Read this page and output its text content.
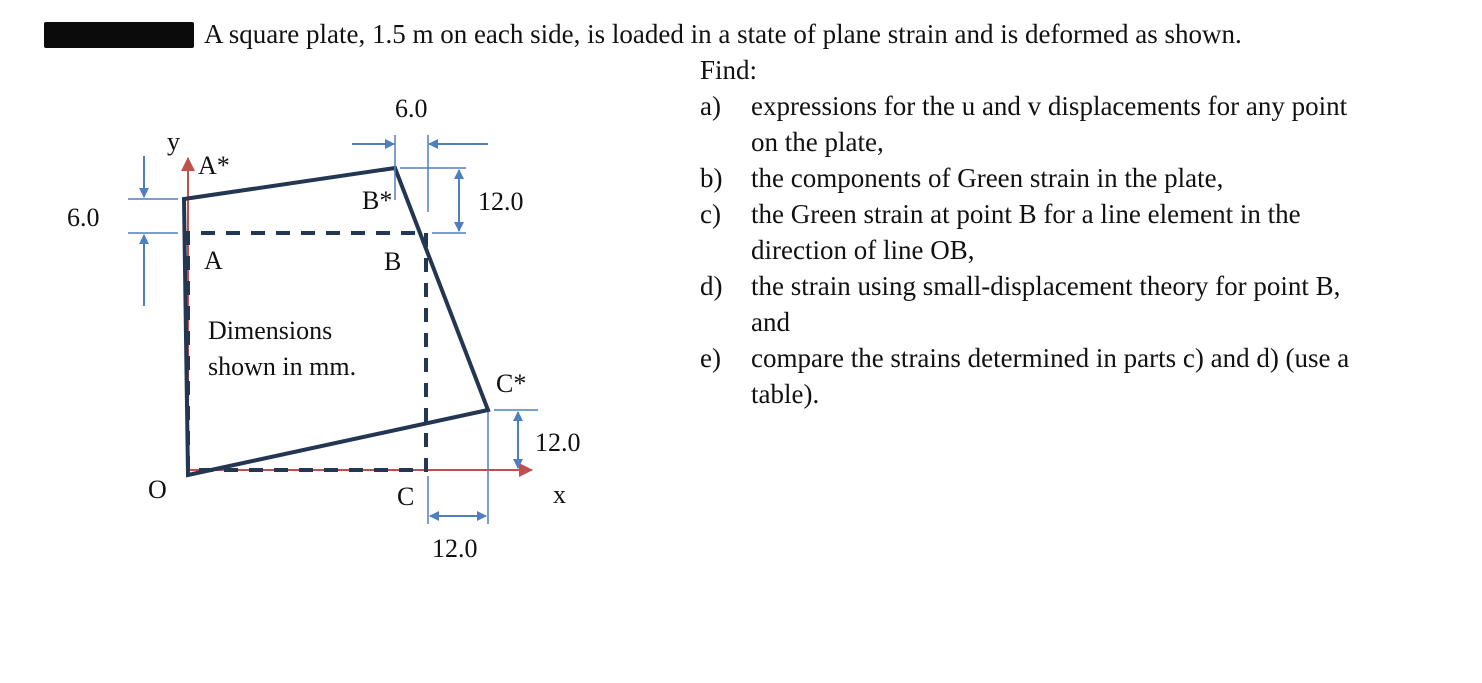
A square plate, 1.5 m on each side, is loaded in a state of plane strain and is deformed as shown.
Find:
a)	expressions for the u and v displacements for any point on the plate,
b)	the components of Green strain in the plate,
c)	the Green strain at point B for a line element in the direction of line OB,
d)	the strain using small-displacement theory for point B, and
e)	compare the strains determined in parts c) and d) (use a table).
y
x
O
A*
B*
A	B
C
C*
6.0
12.0
6.0
12.0
12.0
Dimensions
shown in mm.
